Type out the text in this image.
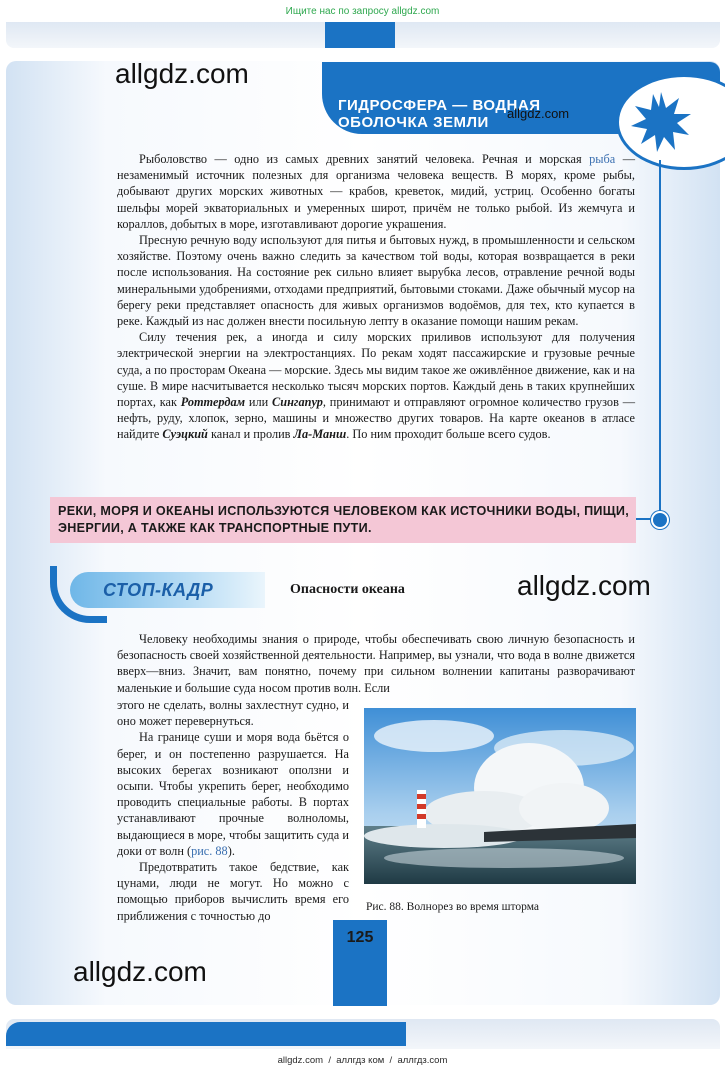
Ищите нас по запросу allgdz.com
ГИДРОСФЕРА — ВОДНАЯ
ОБОЛОЧКА ЗЕМЛИ
allgdz.com
allgdz.com

Рыболовство — одно из самых древних занятий человека. Речная и морская рыба — незаменимый источник полезных для организма человека веществ. В морях, кроме рыбы, добывают других морских животных — крабов, креветок, мидий, устриц. Особенно богаты шельфы морей экваториальных и умеренных широт, причём не только рыбой. Из жемчуга и кораллов, добытых в море, изготавливают дорогие украшения.

Пресную речную воду используют для питья и бытовых нужд, в промышленности и сельском хозяйстве. Поэтому очень важно следить за качеством той воды, которая возвращается в реки после использования. На состояние рек сильно влияет вырубка лесов, отравление речной воды минеральными удобрениями, отходами предприятий, бытовыми стоками. Даже обычный мусор на берегу реки представляет опасность для живых организмов водоёмов, для тех, кто купается в реке. Каждый из нас должен внести посильную лепту в оказание помощи нашим рекам.

Силу течения рек, а иногда и силу морских приливов используют для получения электрической энергии на электростанциях. По рекам ходят пассажирские и грузовые речные суда, а по просторам Океана — морские. Здесь мы видим такое же оживлённое движение, как и на суше. В мире насчитывается несколько тысяч морских портов. Каждый день в таких крупнейших портах, как Роттердам или Сингапур, принимают и отправляют огромное количество грузов — нефть, руду, хлопок, зерно, машины и множество других товаров. На карте океанов в атласе найдите Суэцкий канал и пролив Ла-Манш. По ним проходит больше всего судов.

РЕКИ, МОРЯ И ОКЕАНЫ ИСПОЛЬЗУЮТСЯ ЧЕЛОВЕКОМ КАК ИСТОЧНИКИ ВОДЫ, ПИЩИ, ЭНЕРГИИ, А ТАКЖЕ КАК ТРАНСПОРТНЫЕ ПУТИ.
СТОП-КАДР	Опасности океана	allgdz.com

Человеку необходимы знания о природе, чтобы обеспечивать свою личную безопасность и безопасность своей хозяйственной деятельности. Например, вы узнали, что вода в волне движется вверх—вниз. Значит, вам понятно, почему при сильном волнении капитаны разворачивают маленькие и большие суда носом против волн. Если

этого не сделать, волны захлестнут судно, и оно может перевернуться.

На границе суши и моря вода бьётся о берег, и он постепенно разрушается. На высоких берегах возникают оползни и осыпи. Чтобы укрепить берег, необходимо проводить специальные работы. В портах устанавливают прочные волноломы, выдающиеся в море, чтобы защитить суда и доки от волн (рис. 88).

Предотвратить такое бедствие, как цунами, люди не могут. Но можно с помощью приборов вычислить время его приближения с точностью до

Рис. 88. Волнорез во время шторма
125
allgdz.com
allgdz.com / аллгдз ком / аллгдз.com
